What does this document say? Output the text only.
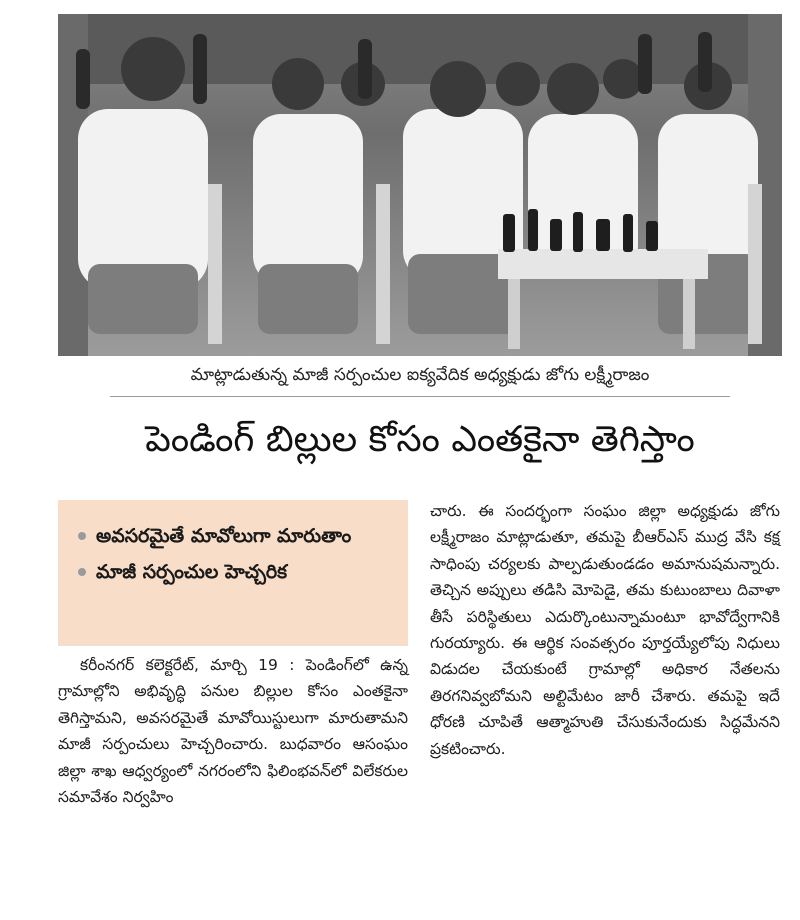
మాట్లాడుతున్న మాజీ సర్పంచుల ఐక్యవేదిక అధ్యక్షుడు జోగు లక్ష్మీరాజం
పెండింగ్ బిల్లుల కోసం ఎంతకైనా తెగిస్తాం
అవసరమైతే మావోలుగా మారుతాం
మాజీ సర్పంచుల హెచ్చరిక

కరీంనగర్ కలెక్టరేట్, మార్చి 19 : పెండింగ్‌లో ఉన్న గ్రామాల్లోని అభివృద్ధి పనుల బిల్లుల కోసం ఎంతకైనా తెగిస్తామని, అవసరమైతే మావోయిస్టులుగా మారుతామని మాజీ సర్పంచులు హెచ్చరించారు. బుధవారం ఆసంఘం జిల్లా శాఖ ఆధ్వర్యంలో నగరంలోని ఫిలింభవన్‌లో విలేకరుల సమావేశం నిర్వహిం

చారు. ఈ సందర్భంగా సంఘం జిల్లా అధ్యక్షుడు జోగు లక్ష్మీరాజం మాట్లాడుతూ, తమపై బీఆర్ఎస్ ముద్ర వేసి కక్ష సాధింపు చర్యలకు పాల్పడుతుండడం అమానుషమన్నారు. తెచ్చిన అప్పులు తడిసి మోపెడై, తమ కుటుంబాలు దివాళా తీసే పరిస్థితులు ఎదుర్కొంటున్నామంటూ భావోద్వేగానికి గురయ్యారు. ఈ ఆర్థిక సంవత్సరం పూర్తయ్యేలోపు నిధులు విడుదల చేయకుంటే గ్రామాల్లో అధికార నేతలను తిరగనివ్వబోమని అల్టిమేటం జారీ చేశారు. తమపై ఇదే ధోరణి చూపితే ఆత్మాహుతి చేసుకునేందుకు సిద్ధమేనని ప్రకటించారు.
